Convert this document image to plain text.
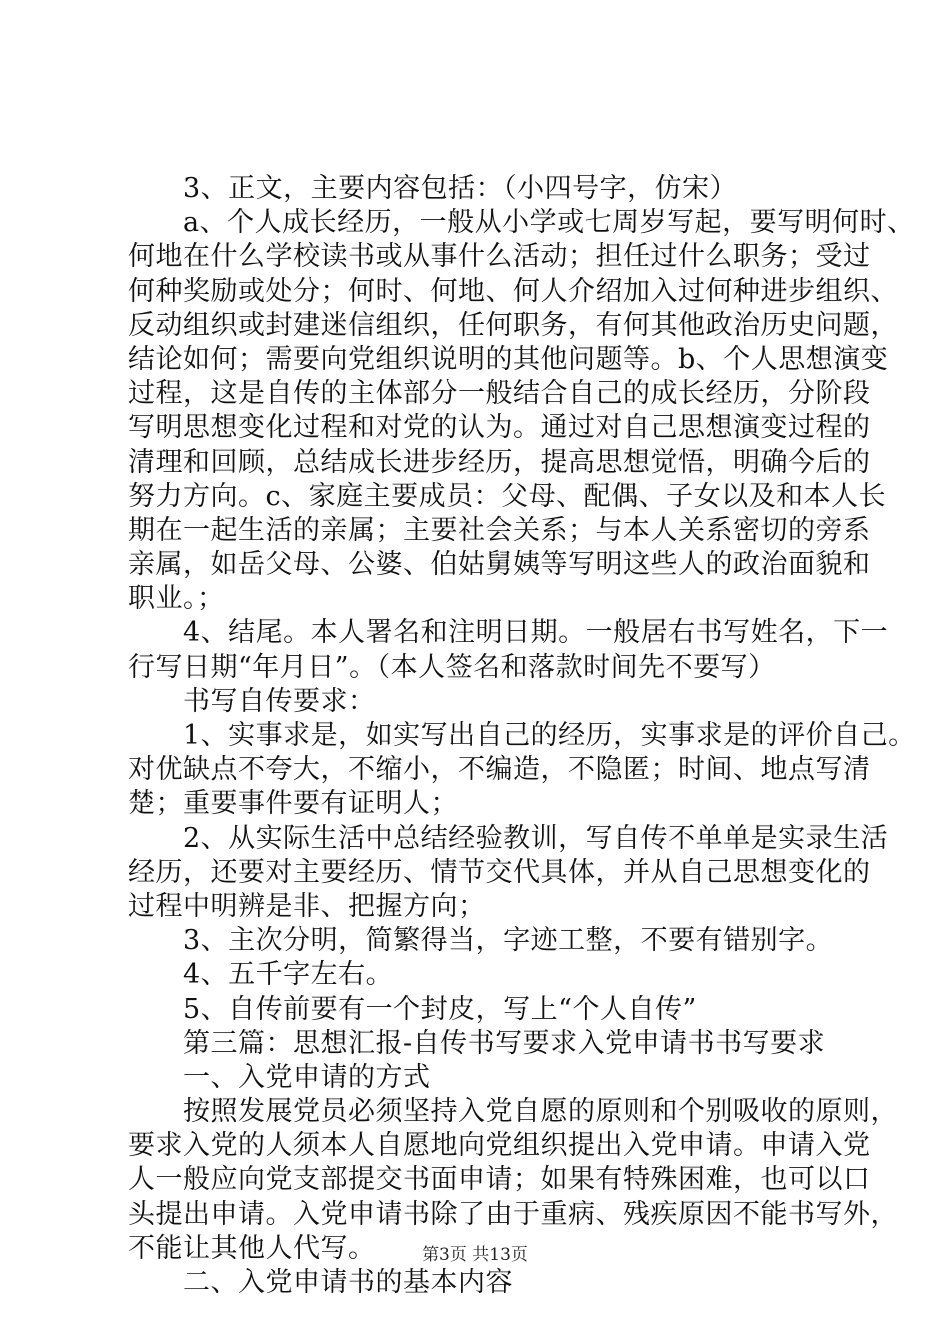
　　3、正文，主要内容包括：（小四号字，仿宋）
　　a、个人成长经历，一般从小学或七周岁写起，要写明何时、
何地在什么学校读书或从事什么活动；担任过什么职务；受过
何种奖励或处分；何时、何地、何人介绍加入过何种进步组织、
反动组织或封建迷信组织，任何职务，有何其他政治历史问题，
结论如何；需要向党组织说明的其他问题等。b、个人思想演变
过程，这是自传的主体部分一般结合自己的成长经历，分阶段
写明思想变化过程和对党的认为。通过对自己思想演变过程的
清理和回顾，总结成长进步经历，提高思想觉悟，明确今后的
努力方向。c、家庭主要成员：父母、配偶、子女以及和本人长
期在一起生活的亲属；主要社会关系；与本人关系密切的旁系
亲属，如岳父母、公婆、伯姑舅姨等写明这些人的政治面貌和
职业。；
　　4、结尾。本人署名和注明日期。一般居右书写姓名，下一
行写日期“年月日”。（本人签名和落款时间先不要写）
　　书写自传要求：
　　1、实事求是，如实写出自己的经历，实事求是的评价自己。
对优缺点不夸大，不缩小，不编造，不隐匿；时间、地点写清
楚；重要事件要有证明人；
　　2、从实际生活中总结经验教训，写自传不单单是实录生活
经历，还要对主要经历、情节交代具体，并从自己思想变化的
过程中明辨是非、把握方向；
　　3、主次分明，简繁得当，字迹工整，不要有错别字。
　　4、五千字左右。
　　5、自传前要有一个封皮，写上“个人自传”
　　第三篇：思想汇报-自传书写要求入党申请书书写要求
　　一、入党申请的方式
　　按照发展党员必须坚持入党自愿的原则和个别吸收的原则，
要求入党的人须本人自愿地向党组织提出入党申请。申请入党
人一般应向党支部提交书面申请；如果有特殊困难，也可以口
头提出申请。入党申请书除了由于重病、残疾原因不能书写外，
不能让其他人代写。
　　二、入党申请书的基本内容
第3页 共13页
